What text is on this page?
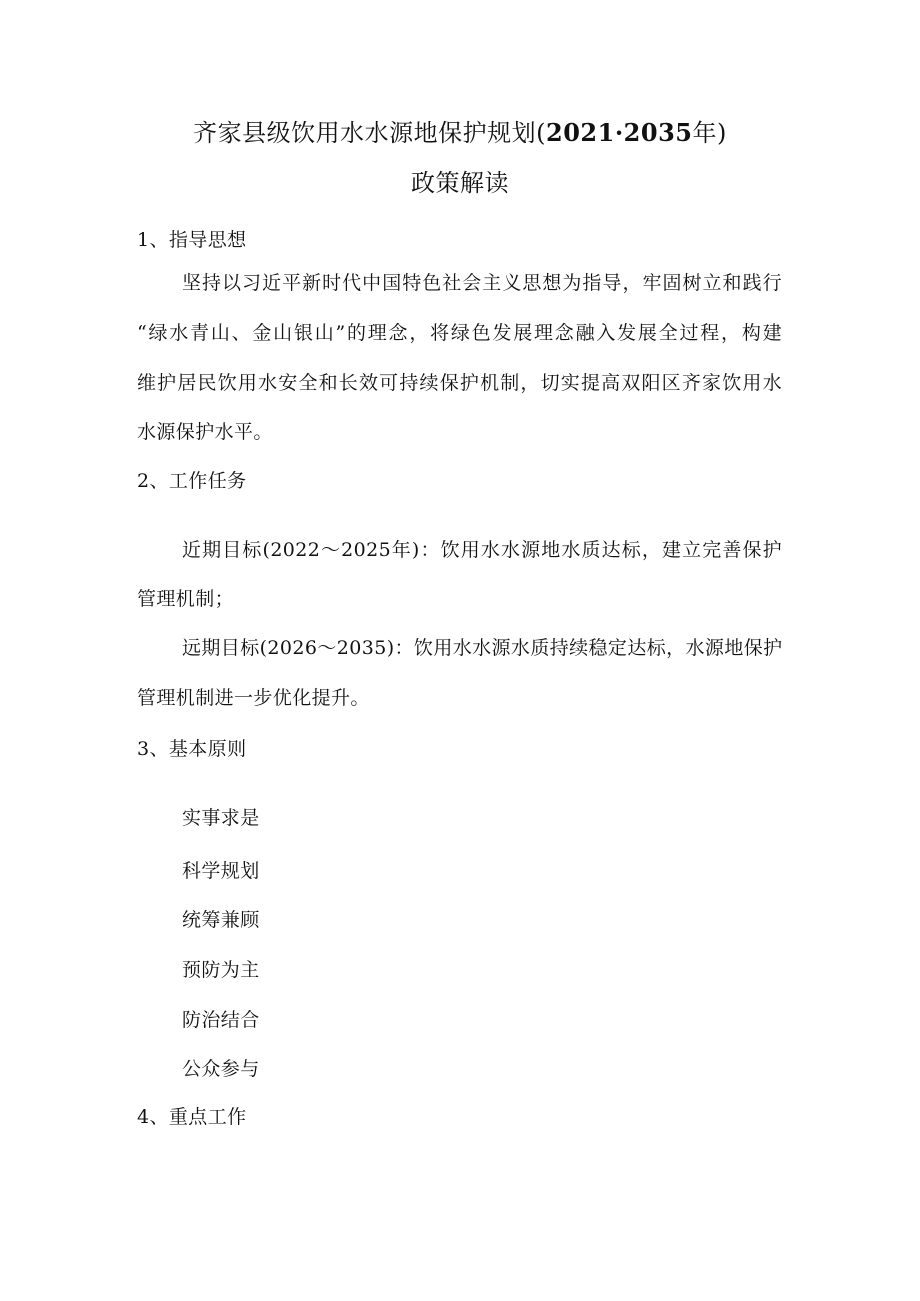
齐家县级饮用水水源地保护规划(2021·2035年)
政策解读
1、指导思想
坚持以习近平新时代中国特色社会主义思想为指导，牢固树立和践行
“绿水青山、金山银山”的理念，将绿色发展理念融入发展全过程，构建
维护居民饮用水安全和长效可持续保护机制，切实提高双阳区齐家饮用水
水源保护水平。
2、工作任务
近期目标(2022～2025年)：饮用水水源地水质达标，建立完善保护
管理机制；
远期目标(2026～2035)：饮用水水源水质持续稳定达标，水源地保护
管理机制进一步优化提升。
3、基本原则
实事求是
科学规划
统筹兼顾
预防为主
防治结合
公众参与
4、重点工作
